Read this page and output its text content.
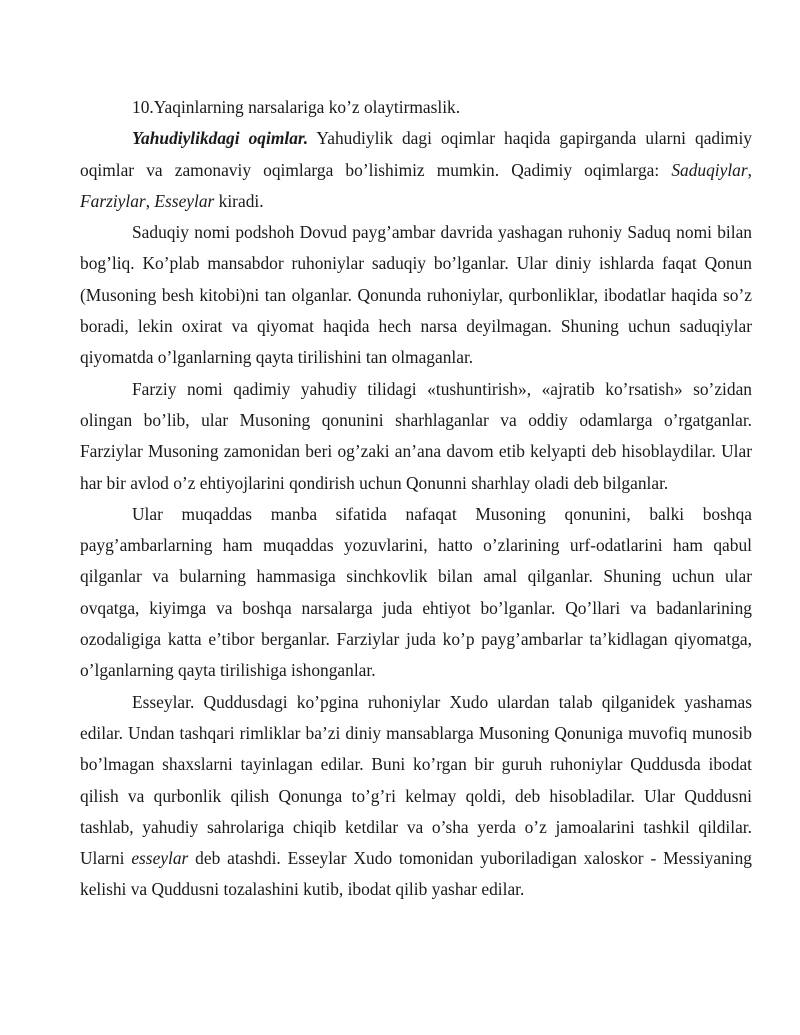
10.Yaqinlarning narsalariga ko’z olaytirmaslik.

Yahudiylikdagi oqimlar. Yahudiylik dagi oqimlar haqida gapirganda ularni qadimiy oqimlar va zamonaviy oqimlarga bo’lishimiz mumkin. Qadimiy oqimlarga: Saduqiylar, Farziylar, Esseylar kiradi.

Saduqiy nomi podshoh Dovud payg’ambar davrida yashagan ruhoniy Saduq nomi bilan bog’liq. Ko’plab mansabdor ruhoniylar saduqiy bo’lganlar. Ular diniy ishlarda faqat Qonun (Musoning besh kitobi)ni tan olganlar. Qonunda ruhoniylar, qurbonliklar, ibodatlar haqida so’z boradi, lekin oxirat va qiyomat haqida hech narsa deyilmagan. Shuning uchun saduqiylar qiyomatda o’lganlarning qayta tirilishini tan olmaganlar.

Farziy nomi qadimiy yahudiy tilidagi «tushuntirish», «ajratib ko’rsatish» so’zidan olingan bo’lib, ular Musoning qonunini sharhlaganlar va oddiy odamlarga o’rgatganlar. Farziylar Musoning zamonidan beri og’zaki an’ana davom etib kelyapti deb hisoblaydilar. Ular har bir avlod o’z ehtiyojlarini qondirish uchun Qonunni sharhlay oladi deb bilganlar.

Ular muqaddas manba sifatida nafaqat Musoning qonunini, balki boshqa payg’ambarlarning ham muqaddas yozuvlarini, hatto o’zlarining urf-odatlarini ham qabul qilganlar va bularning hammasiga sinchkovlik bilan amal qilganlar. Shuning uchun ular ovqatga, kiyimga va boshqa narsalarga juda ehtiyot bo’lganlar. Qo’llari va badanlarining ozodaligiga katta e’tibor berganlar. Farziylar juda ko’p payg’ambarlar ta’kidlagan qiyomatga, o’lganlarning qayta tirilishiga ishonganlar.

Esseylar. Quddusdagi ko’pgina ruhoniylar Xudo ulardan talab qilganidek yashamas edilar. Undan tashqari rimliklar ba’zi diniy mansablarga Musoning Qonuniga muvofiq munosib bo’lmagan shaxslarni tayinlagan edilar. Buni ko’rgan bir guruh ruhoniylar Quddusda ibodat qilish va qurbonlik qilish Qonunga to’g’ri kelmay qoldi, deb hisobladilar. Ular Quddusni tashlab, yahudiy sahrolariga chiqib ketdilar va o’sha yerda o’z jamoalarini tashkil qildilar. Ularni esseylar deb atashdi. Esseylar Xudo tomonidan yuboriladigan xaloskor - Messiyaning kelishi va Quddusni tozalashini kutib, ibodat qilib yashar edilar.
